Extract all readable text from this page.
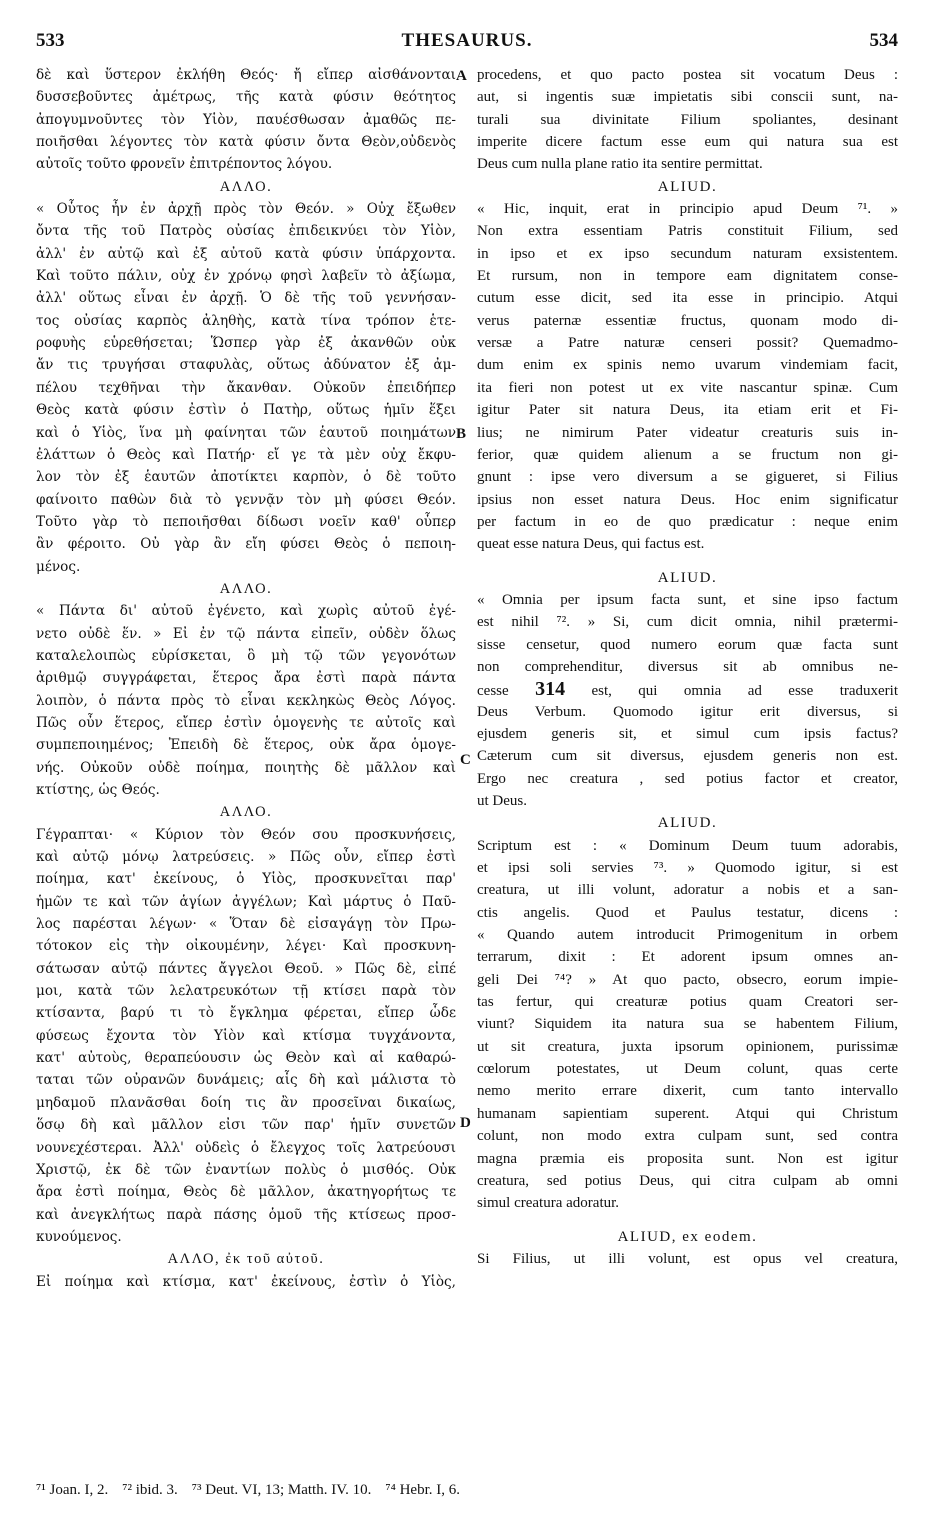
533	THESAURUS.	534
δὲ καὶ ὕστερον ἐκλήθη Θεός· ἤ εἴπερ αἰσθάνονται
δυσσεβοῦντες ἀμέτρως, τῆς κατὰ φύσιν θεότητος
ἀπογυμνοῦντες τὸν Υἱὸν, παυέσθωσαν ἀμαθῶς πε-
ποιῆσθαι λέγοντες τὸν κατὰ φύσιν ὄντα Θεὸν,οὐδενὸς
αὐτοῖς τοῦτο φρονεῖν ἐπιτρέποντος λόγου.
ΑΛΛΟ.
« Οὗτος ἦν ἐν ἀρχῇ πρὸς τὸν Θεόν. » Οὐχ ἔξωθεν
ὄντα τῆς τοῦ Πατρὸς οὐσίας ἐπιδεικνύει τὸν Υἱὸν,
ἀλλ' ἐν αὐτῷ καὶ ἐξ αὐτοῦ κατὰ φύσιν ὑπάρχοντα.
Καὶ τοῦτο πάλιν, οὐχ ἐν χρόνῳ φησὶ λαβεῖν τὸ ἀξίωμα,
ἀλλ' οὕτως εἶναι ἐν ἀρχῇ. Ὁ δὲ τῆς τοῦ γεννήσαν-
τος οὐσίας καρπὸς ἀληθὴς, κατὰ τίνα τρόπον ἑτε-
ροφυὴς εὑρεθήσεται; Ὥσπερ γὰρ ἐξ ἀκανθῶν οὐκ
ἄν τις τρυγήσαι σταφυλὰς, οὕτως ἀδύνατον ἐξ ἀμ-
πέλου τεχθῆναι τὴν ἄκανθαν. Οὐκοῦν ἐπειδήπερ
Θεὸς κατὰ φύσιν ἐστὶν ὁ Πατὴρ, οὕτως ἡμῖν ἕξει
καὶ ὁ Υἱὸς, ἵνα μὴ φαίνηται τῶν ἑαυτοῦ ποιημάτων
ἐλάττων ὁ Θεὸς καὶ Πατήρ· εἴ γε τὰ μὲν οὐχ ἔκφυ-
λον τὸν ἐξ ἑαυτῶν ἀποτίκτει καρπὸν, ὁ δὲ τοῦτο
φαίνοιτο παθὼν διὰ τὸ γεννᾷν τὸν μὴ φύσει Θεόν.
Τοῦτο γὰρ τὸ πεποιῆσθαι δίδωσι νοεῖν καθ' οὗπερ
ἂν φέροιτο. Οὐ γὰρ ἂν εἴη φύσει Θεὸς ὁ πεποιη-
μένος.
ΑΛΛΟ.
« Πάντα δι' αὐτοῦ ἐγένετο, καὶ χωρὶς αὐτοῦ ἐγέ-
νετο οὐδὲ ἕν. » Εἰ ἐν τῷ πάντα εἰπεῖν, οὐδὲν ὅλως
καταλελοιπὼς εὑρίσκεται, ὃ μὴ τῷ τῶν γεγονότων
ἀριθμῷ συγγράφεται, ἕτερος ἄρα ἐστὶ παρὰ πάντα
λοιπὸν, ὁ πάντα πρὸς τὸ εἶναι κεκληκὼς Θεὸς Λόγος.
Πῶς οὖν ἕτερος, εἴπερ ἐστὶν ὁμογενὴς τε αὐτοῖς καὶ
συμπεποιημένος; Ἐπειδὴ δὲ ἕτερος, οὐκ ἄρα ὁμογε-
νής. Οὐκοῦν οὐδὲ ποίημα, ποιητὴς δὲ μᾶλλον καὶ
κτίστης, ὡς Θεός.
ΑΛΛΟ.
Γέγραπται· « Κύριον τὸν Θεόν σου προσκυνήσεις,
καὶ αὐτῷ μόνῳ λατρεύσεις. » Πῶς οὖν, εἴπερ ἐστὶ
ποίημα, κατ' ἐκείνους, ὁ Υἱὸς, προσκυνεῖται παρ'
ἡμῶν τε καὶ τῶν ἁγίων ἀγγέλων; Καὶ μάρτυς ὁ Παῦ-
λος παρέσται λέγων· « Ὅταν δὲ εἰσαγάγῃ τὸν Πρω-
τότοκον εἰς τὴν οἰκουμένην, λέγει· Καὶ προσκυνη-
σάτωσαν αὐτῷ πάντες ἄγγελοι Θεοῦ. » Πῶς δὲ, εἰπέ
μοι, κατὰ τῶν λελατρευκότων τῇ κτίσει παρὰ τὸν
κτίσαντα, βαρύ τι τὸ ἔγκλημα φέρεται, εἴπερ ὧδε
φύσεως ἔχοντα τὸν Υἱὸν καὶ κτίσμα τυγχάνοντα,
κατ' αὐτοὺς, θεραπεύουσιν ὡς Θεὸν καὶ αἱ καθαρώ-
ταται τῶν οὐρανῶν δυνάμεις; αἷς δὴ καὶ μάλιστα τὸ
μηδαμοῦ πλανᾶσθαι δοίη τις ἂν προσεῖναι δικαίως,
ὅσῳ δὴ καὶ μᾶλλον εἰσι τῶν παρ' ἡμῖν συνετῶν
νουνεχέστεραι. Ἀλλ' οὐδεὶς ὁ ἔλεγχος τοῖς λατρεύουσι
Χριστῷ, ἐκ δὲ τῶν ἐναντίων πολὺς ὁ μισθός. Οὐκ
ἄρα ἐστὶ ποίημα, Θεὸς δὲ μᾶλλον, ἀκατηγορήτως τε
καὶ ἀνεγκλήτως παρὰ πάσης ὁμοῦ τῆς κτίσεως προσ-
κυνούμενος.
ΑΛΛΟ, ἐκ τοῦ αὐτοῦ.
Εἰ ποίημα καὶ κτίσμα, κατ' ἐκείνους, ἐστὶν ὁ Υἱὸς,
procedens, et quo pacto postea sit vocatum Deus :
aut, si ingentis suæ impietatis sibi conscii sunt, na-
turali sua divinitate Filium spoliantes, desinant
imperite dicere factum esse eum qui natura sua est
Deus cum nulla plane ratio ita sentire permittat.
ALIUD.
« Hic, inquit, erat in principio apud Deum ⁷¹. »
Non extra essentiam Patris constituit Filium, sed
in ipso et ex ipso secundum naturam exsistentem.
Et rursum, non in tempore eam dignitatem conse-
cutum esse dicit, sed ita esse in principio. Atqui
verus paternæ essentiæ fructus, quonam modo di-
versæ a Patre naturæ censeri possit? Quemadmo-
dum enim ex spinis nemo uvarum vindemiam facit,
ita fieri non potest ut ex vite nascantur spinæ. Cum
igitur Pater sit natura Deus, ita etiam erit et Fi-
lius; ne nimirum Pater videatur creaturis suis in-
ferior, quæ quidem alienum a se fructum non gi-
gnunt : ipse vero diversum a se gigueret, si Filius
ipsius non esset natura Deus. Hoc enim significatur
per factum in eo de quo prædicatur : neque enim
queat esse natura Deus, qui factus est.
ALIUD.
« Omnia per ipsum facta sunt, et sine ipso factum
est nihil ⁷². » Si, cum dicit omnia, nihil prætermi-
sisse censetur, quod numero eorum quæ facta sunt
non comprehenditur, diversus sit ab omnibus ne-
cesse 314 est, qui omnia ad esse traduxerit
Deus Verbum. Quomodo igitur erit diversus, si
ejusdem generis sit, et simul cum ipsis factus?
Cæterum cum sit diversus, ejusdem generis non est.
Ergo nec creatura , sed potius factor et creator,
ut Deus.
ALIUD.
Scriptum est : « Dominum Deum tuum adorabis,
et ipsi soli servies ⁷³. » Quomodo igitur, si est
creatura, ut illi volunt, adoratur a nobis et a san-
ctis angelis. Quod et Paulus testatur, dicens :
« Quando autem introducit Primogenitum in orbem
terrarum, dixit : Et adorent ipsum omnes an-
geli Dei ⁷⁴? » At quo pacto, obsecro, eorum impie-
tas fertur, qui creaturæ potius quam Creatori ser-
viunt? Siquidem ita natura sua se habentem Filium,
ut sit creatura, juxta ipsorum opinionem, purissimæ
cœlorum potestates, ut Deum colunt, quas certe
nemo merito errare dixerit, cum tanto intervallo
humanam sapientiam superent. Atqui qui Christum
colunt, non modo extra culpam sunt, sed contra
magna præmia eis proposita sunt. Non est igitur
creatura, sed potius Deus, qui citra culpam ab omni
simul creatura adoratur.
ALIUD, ex eodem.
Si Filius, ut illi volunt, est opus vel creatura,
A
B
C
D
⁷¹ Joan. I, 2. ⁷² ibid. 3. ⁷³ Deut. VI, 13; Matth. IV. 10. ⁷⁴ Hebr. I, 6.
